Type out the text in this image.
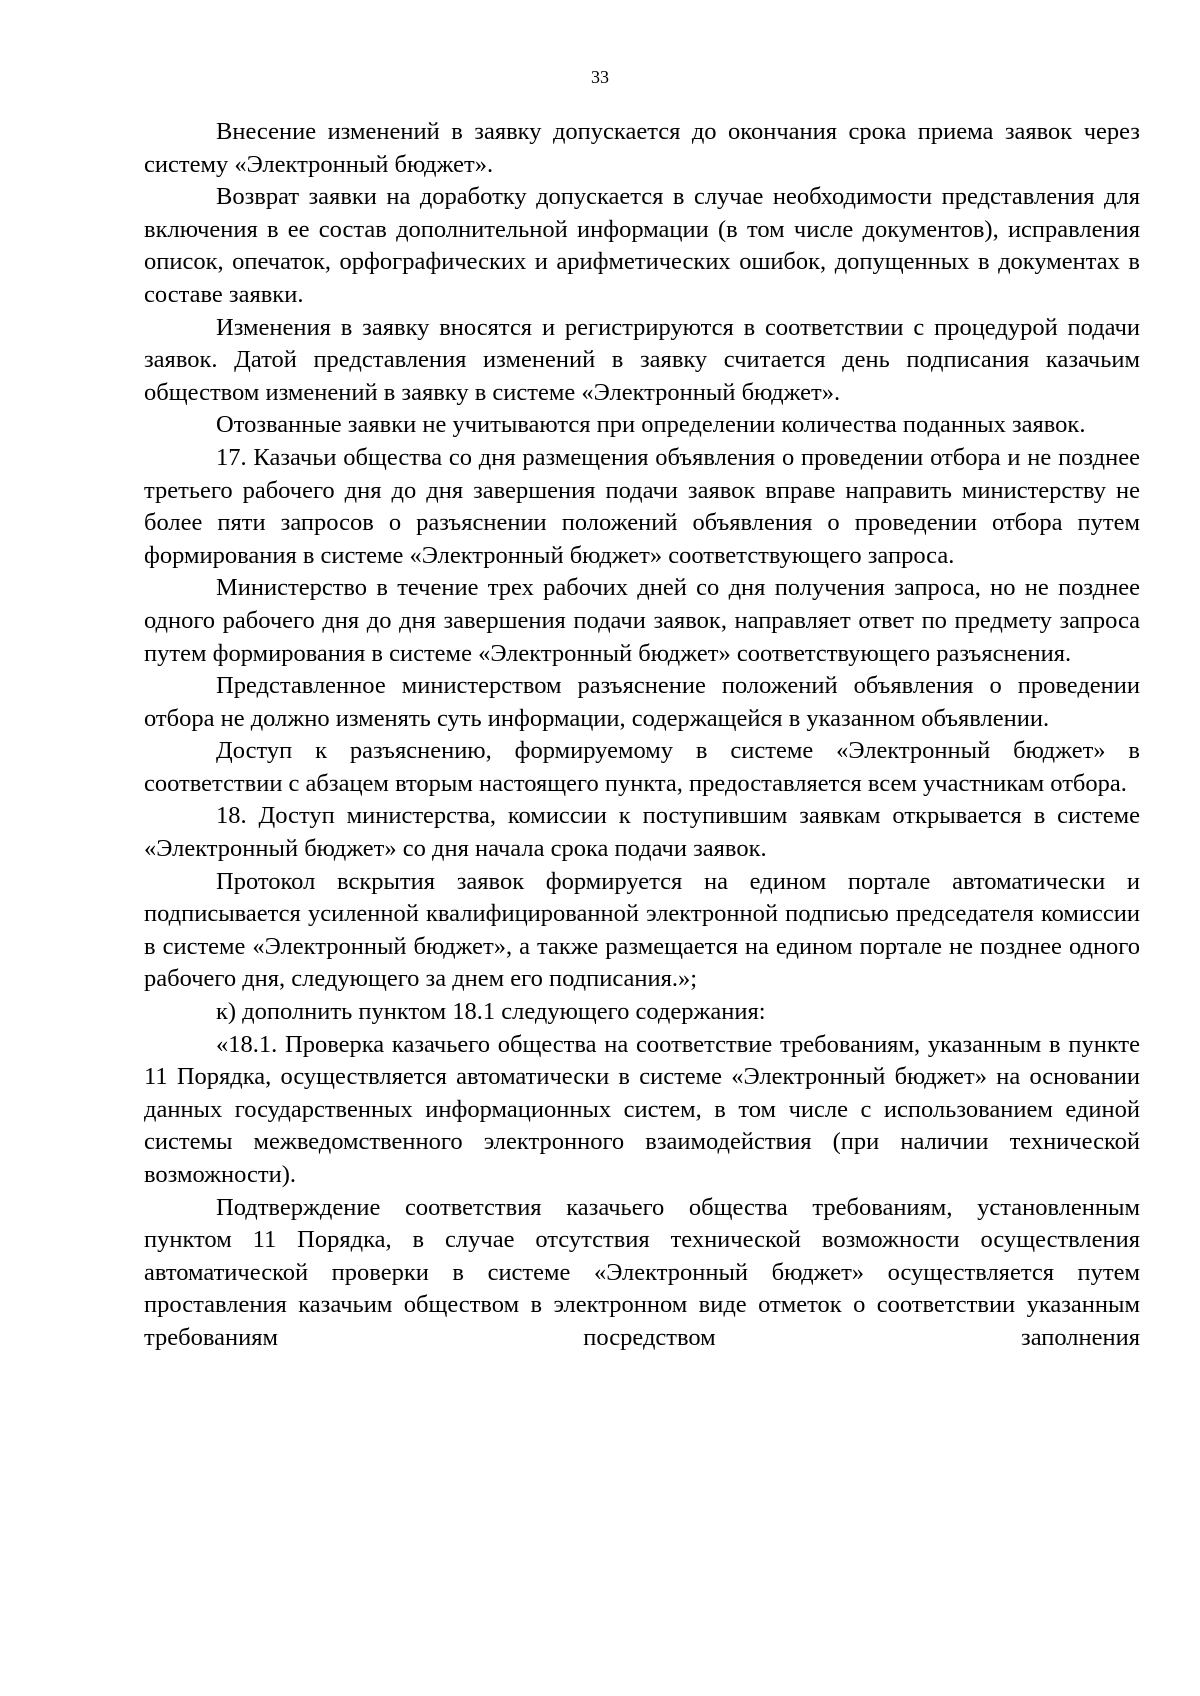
33

Внесение изменений в заявку допускается до окончания срока приема заявок через систему «Электронный бюджет».

Возврат заявки на доработку допускается в случае необходимости представления для включения в ее состав дополнительной информации (в том числе документов), исправления описок, опечаток, орфографических и арифметических ошибок, допущенных в документах в составе заявки.

Изменения в заявку вносятся и регистрируются в соответствии с процедурой подачи заявок. Датой представления изменений в заявку считается день подписания казачьим обществом изменений в заявку в системе «Электронный бюджет».

Отозванные заявки не учитываются при определении количества поданных заявок.

17. Казачьи общества со дня размещения объявления о проведении отбора и не позднее третьего рабочего дня до дня завершения подачи заявок вправе направить министерству не более пяти запросов о разъяснении положений объявления о проведении отбора путем формирования в системе «Электронный бюджет» соответствующего запроса.

Министерство в течение трех рабочих дней со дня получения запроса, но не позднее одного рабочего дня до дня завершения подачи заявок, направляет ответ по предмету запроса путем формирования в системе «Электронный бюджет» соответствующего разъяснения.

Представленное министерством разъяснение положений объявления о проведении отбора не должно изменять суть информации, содержащейся в указанном объявлении.

Доступ к разъяснению, формируемому в системе «Электронный бюджет» в соответствии с абзацем вторым настоящего пункта, предоставляется всем участникам отбора.

18. Доступ министерства, комиссии к поступившим заявкам открывается в системе «Электронный бюджет» со дня начала срока подачи заявок.

Протокол вскрытия заявок формируется на едином портале автоматически и подписывается усиленной квалифицированной электронной подписью председателя комиссии в системе «Электронный бюджет», а также размещается на едином портале не позднее одного рабочего дня, следующего за днем его подписания.»;

к) дополнить пунктом 18.1 следующего содержания:

«18.1. Проверка казачьего общества на соответствие требованиям, указанным в пункте 11 Порядка, осуществляется автоматически в системе «Электронный бюджет» на основании данных государственных информационных систем, в том числе с использованием единой системы межведомственного электронного взаимодействия (при наличии технической возможности).

Подтверждение соответствия казачьего общества требованиям, установленным пунктом 11 Порядка, в случае отсутствия технической возможности осуществления автоматической проверки в системе «Электронный бюджет» осуществляется путем проставления казачьим обществом в электронном виде отметок о соответствии указанным требованиям посредством заполнения
